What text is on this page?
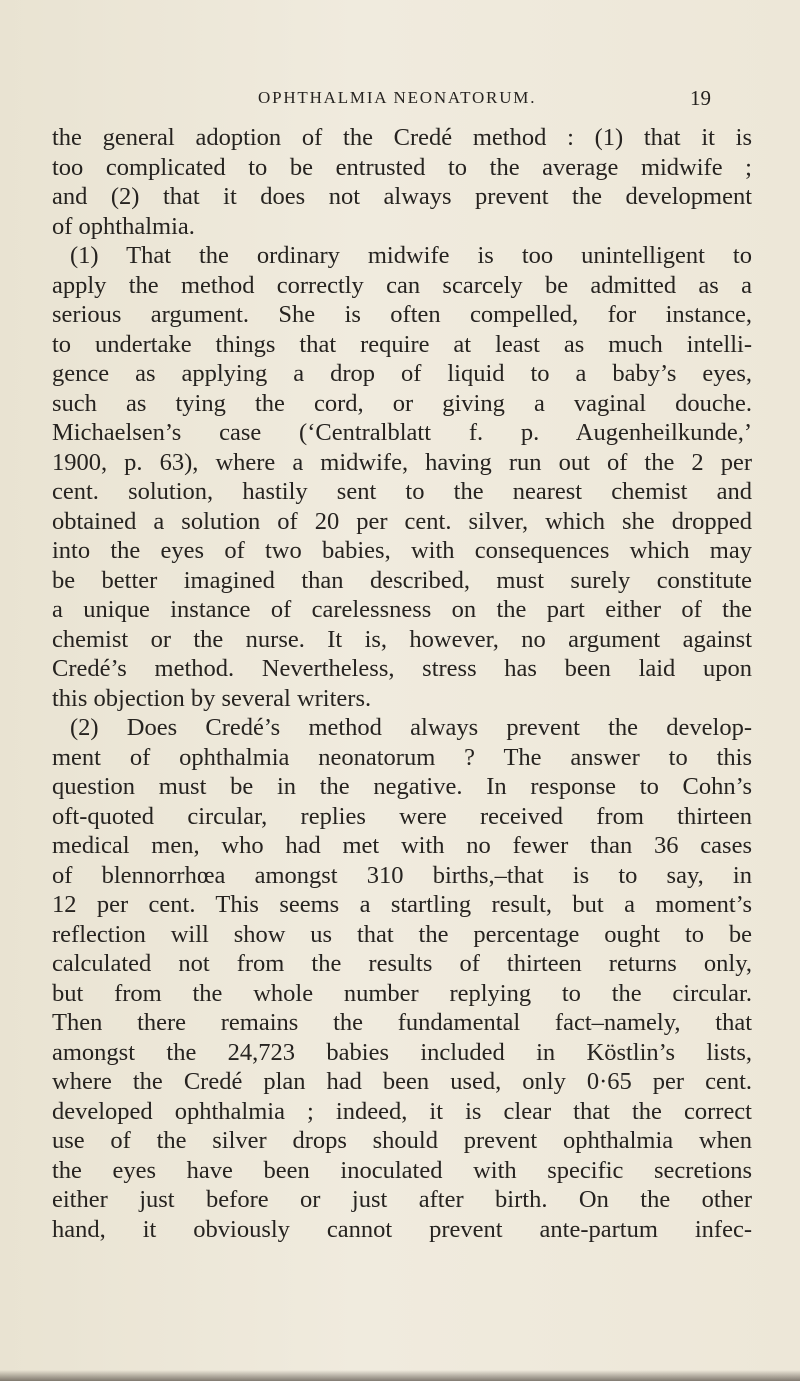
OPHTHALMIA NEONATORUM.	19
the general adoption of the Credé method : (1) that it is
too complicated to be entrusted to the average midwife ;
and (2) that it does not always prevent the development
of ophthalmia.
(1) That the ordinary midwife is too unintelligent to
apply the method correctly can scarcely be admitted as a
serious argument. She is often compelled, for instance,
to undertake things that require at least as much intelli-
gence as applying a drop of liquid to a baby’s eyes,
such as tying the cord, or giving a vaginal douche.
Michaelsen’s case (‘Centralblatt f. p. Augenheilkunde,’
1900, p. 63), where a midwife, having run out of the 2 per
cent. solution, hastily sent to the nearest chemist and
obtained a solution of 20 per cent. silver, which she dropped
into the eyes of two babies, with consequences which may
be better imagined than described, must surely constitute
a unique instance of carelessness on the part either of the
chemist or the nurse. It is, however, no argument against
Credé’s method. Nevertheless, stress has been laid upon
this objection by several writers.
(2) Does Credé’s method always prevent the develop-
ment of ophthalmia neonatorum ? The answer to this
question must be in the negative. In response to Cohn’s
oft-quoted circular, replies were received from thirteen
medical men, who had met with no fewer than 36 cases
of blennorrhœa amongst 310 births,–that is to say, in
12 per cent. This seems a startling result, but a moment’s
reflection will show us that the percentage ought to be
calculated not from the results of thirteen returns only,
but from the whole number replying to the circular.
Then there remains the fundamental fact–namely, that
amongst the 24,723 babies included in Köstlin’s lists,
where the Credé plan had been used, only 0·65 per cent.
developed ophthalmia ; indeed, it is clear that the correct
use of the silver drops should prevent ophthalmia when
the eyes have been inoculated with specific secretions
either just before or just after birth. On the other
hand, it obviously cannot prevent ante-partum infec-
